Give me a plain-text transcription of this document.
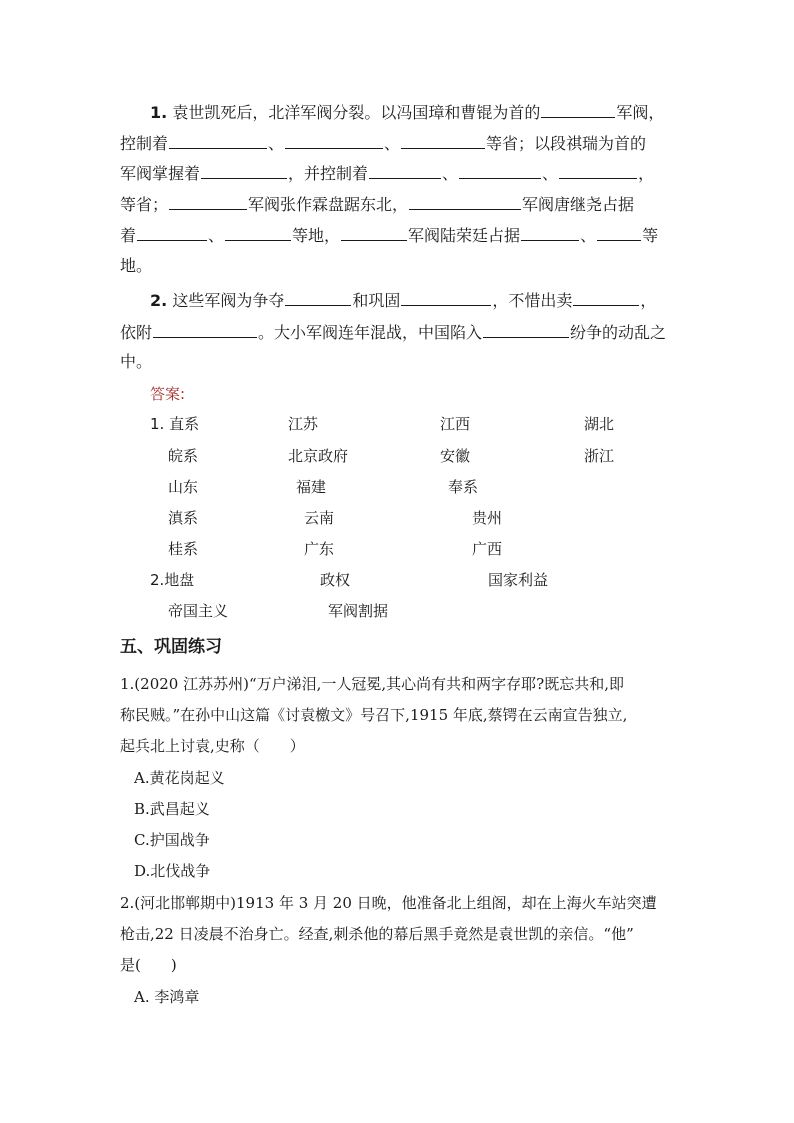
1. 袁世凯死后，北洋军阀分裂。以冯国璋和曹锟为首的	军阀，
控制着	、	、	等省；以段祺瑞为首的
军阀掌握着	，并控制着	、	、	，
等省；	军阀张作霖盘踞东北，	军阀唐继尧占据
着	、	等地，	军阀陆荣廷占据	、	等
地。
2. 这些军阀为争夺	和巩固	，不惜出卖	，
依附	。大小军阀连年混战，中国陷入	纷争的动乱之
中。
答案:
1. 直系	江苏	江西	湖北
皖系	北京政府	安徽	浙江
山东	福建	奉系
滇系	云南	贵州
桂系	广东	广西
2.地盘	政权	国家利益
帝国主义	军阀割据
五、巩固练习
1.(2020 江苏苏州)“万户涕泪,一人冠冕,其心尚有共和两字存耶?既忘共和,即
称民贼。”在孙中山这篇《讨袁檄文》号召下,1915 年底,蔡锷在云南宣告独立,
起兵北上讨袁,史称（　　）
A.黄花岗起义
B.武昌起义
C.护国战争
D.北伐战争
2.(河北邯郸期中)1913 年 3 月 20 日晚，他准备北上组阁，却在上海火车站突遭
枪击,22 日凌晨不治身亡。经查,刺杀他的幕后黑手竟然是袁世凯的亲信。“他”
是(　　)
A. 李鸿章
